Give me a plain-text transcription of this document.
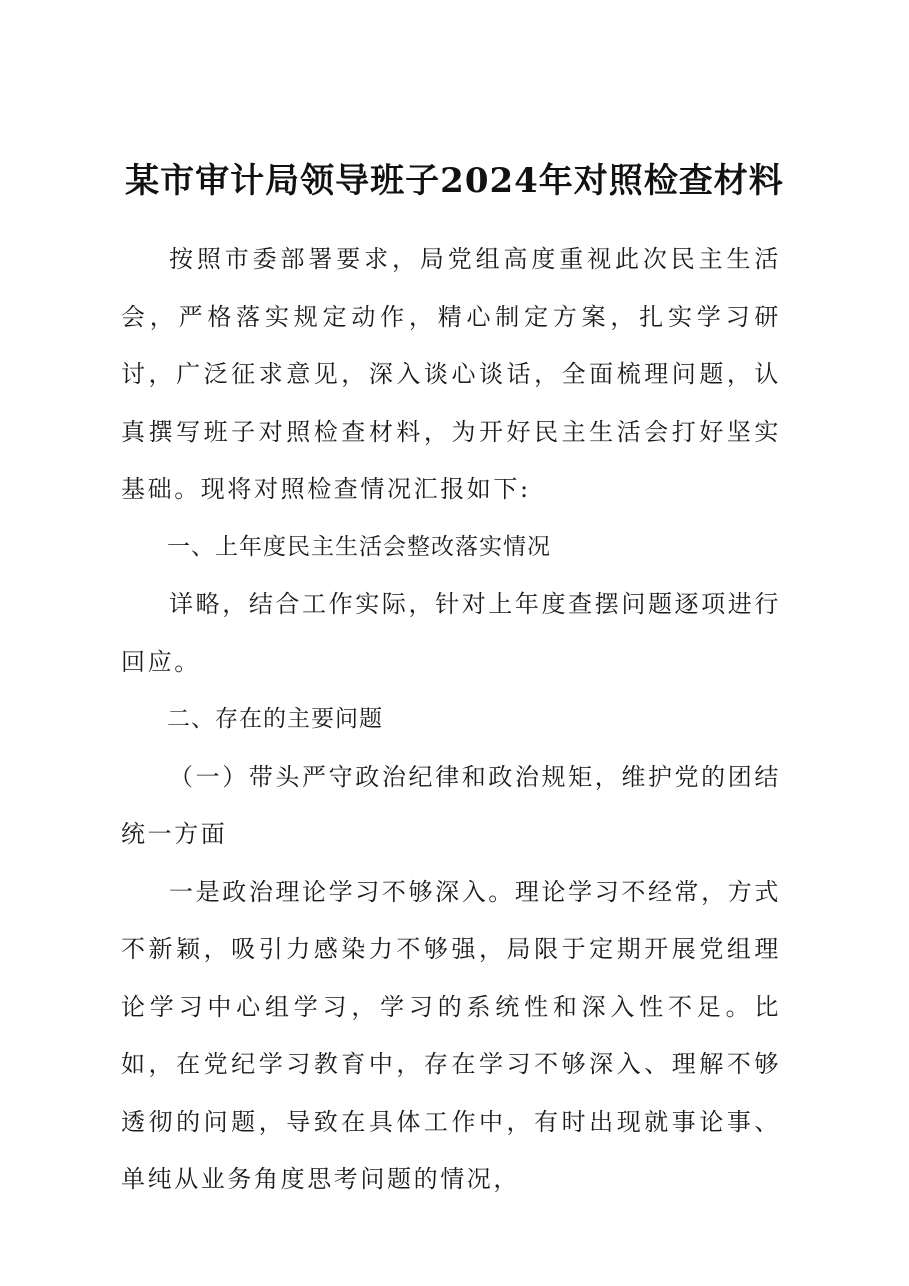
某市审计局领导班子2024年对照检查材料

按照市委部署要求，局党组高度重视此次民主生活会，严格落实规定动作，精心制定方案，扎实学习研讨，广泛征求意见，深入谈心谈话，全面梳理问题，认真撰写班子对照检查材料，为开好民主生活会打好坚实基础。现将对照检查情况汇报如下:

一、上年度民主生活会整改落实情况

详略，结合工作实际，针对上年度查摆问题逐项进行回应。

二、存在的主要问题

（一）带头严守政治纪律和政治规矩，维护党的团结统一方面

一是政治理论学习不够深入。理论学习不经常，方式不新颖，吸引力感染力不够强，局限于定期开展党组理论学习中心组学习，学习的系统性和深入性不足。比如，在党纪学习教育中，存在学习不够深入、理解不够透彻的问题，导致在具体工作中，有时出现就事论事、单纯从业务角度思考问题的情况，
